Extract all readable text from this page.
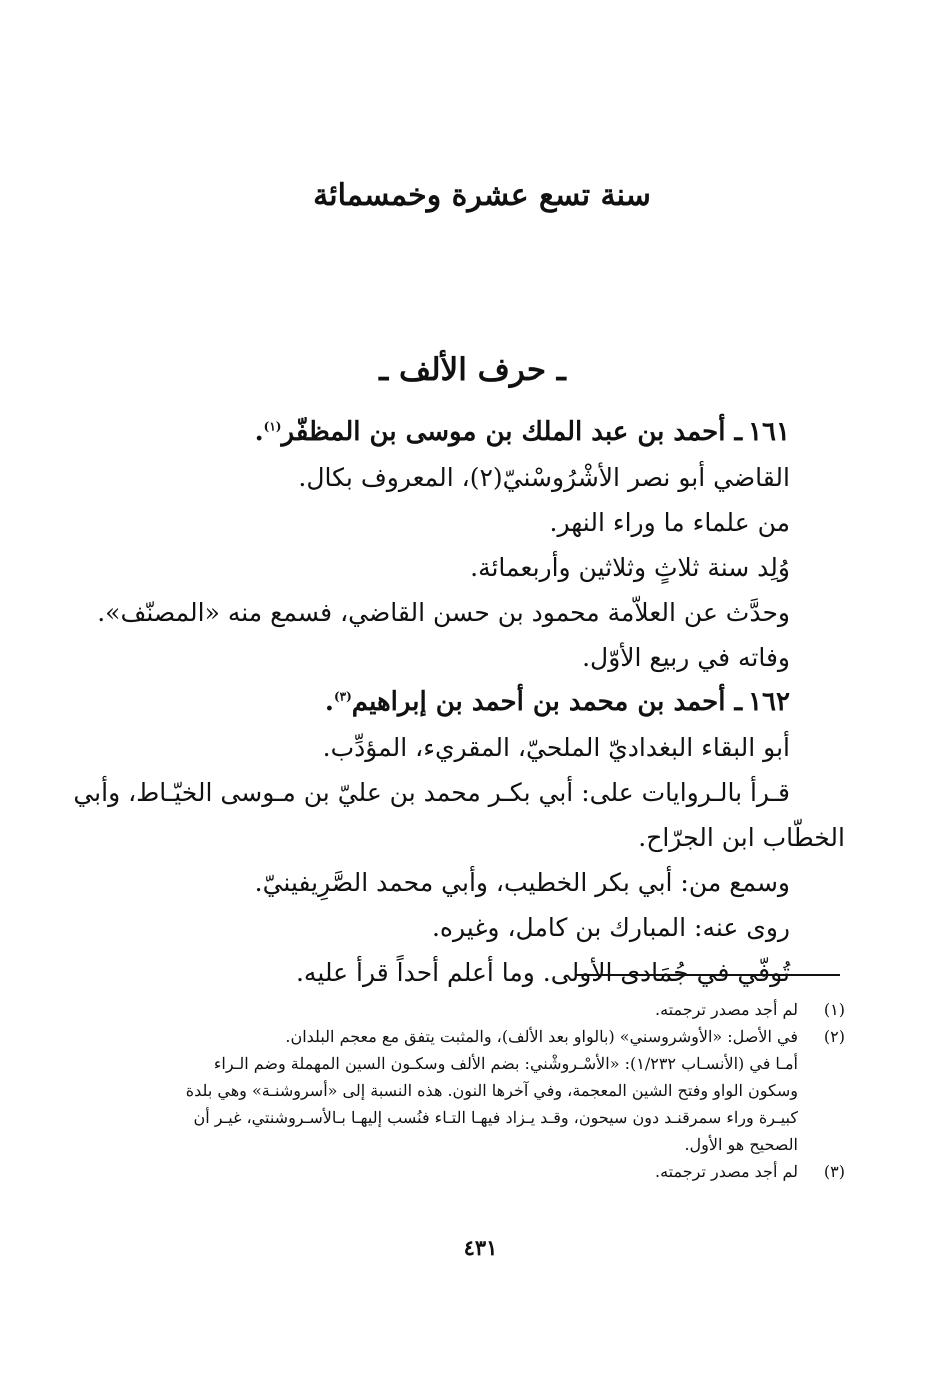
سنة تسع عشرة وخمسمائة
ـ حرف الألف ـ
١٦١ـ أحمد بن عبد الملك بن موسى بن المظفّر$^{(١)}$.
القاضي أبو نصر الأشْرُوسْنيّ(٢)، المعروف بكال.
من علماء ما وراء النهر.
وُلِد سنة ثلاثٍ وثلاثين وأربعمائة.
وحدَّث عن العلاّمة محمود بن حسن القاضي، فسمع منه «المصنّف».
وفاته في ربيع الأوّل.
١٦٢ـ أحمد بن محمد بن أحمد بن إبراهيم$^{(٣)}$.
أبو البقاء البغداديّ الملحيّ، المقريء، المؤدِّب.
قـرأ بالـروايات على: أبي بكـر محمد بن عليّ بن مـوسى الخيّـاط، وأبي
الخطّاب ابن الجرّاح.
وسمع من: أبي بكر الخطيب، وأبي محمد الصَّرِيفينيّ.
روى عنه: المبارك بن كامل، وغيره.
تُوفّي في جُمَادى الأولى. وما أعلم أحداً قرأ عليه.
(١)
لم أجد مصدر ترجمته.
(٢)
في الأصل: «الأوشروسني» (بالواو بعد الألف)، والمثبت يتفق مع معجم البلدان.
أمـا في (الأنسـاب ١/٢٣٢): «الأسْـروشْني: بضم الألف وسكـون السين المهملة وضم الـراء
وسكون الواو وفتح الشين المعجمة، وفي آخرها النون. هذه النسبة إلى «أسروشنـة» وهي بلدة
كبيـرة وراء سمرقنـد دون سيحون، وقـد يـزاد فيهـا التـاء فنُسب إليهـا بـالأسـروشنتي، غيـر أن
الصحيح هو الأول.
(٣)
لم أجد مصدر ترجمته.
٤٣١
